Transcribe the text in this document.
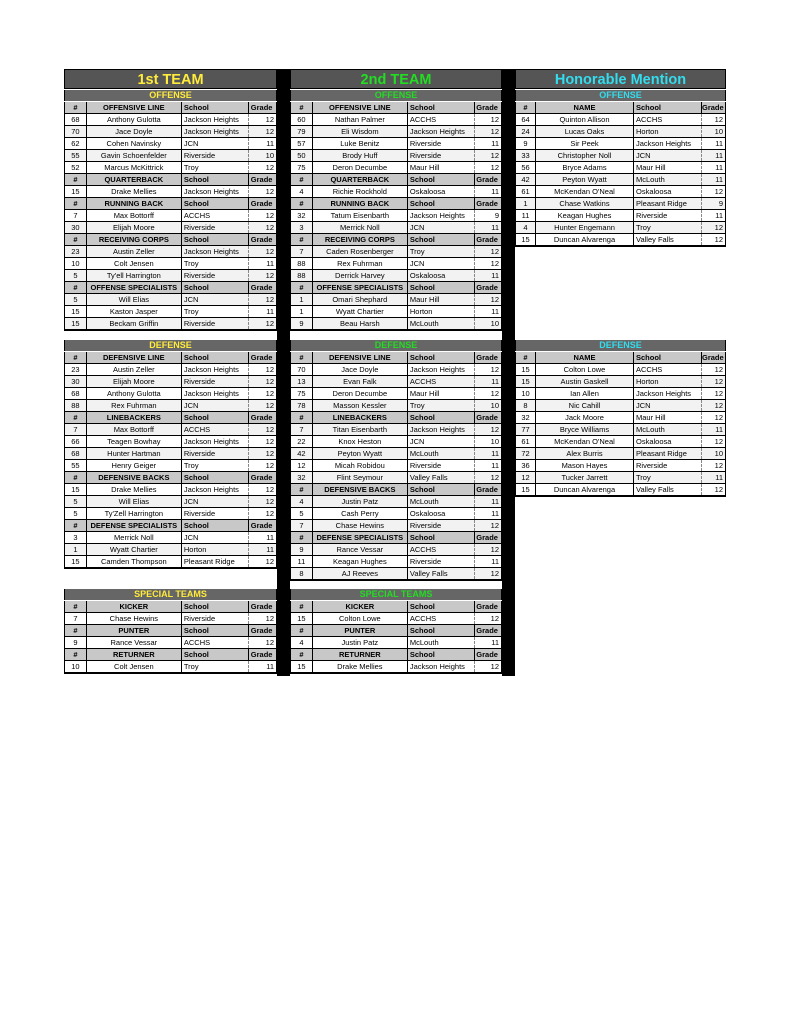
1st TEAM	2nd TEAM	Honorable Mention
OFFENSE	OFFENSE	OFFENSE
#	OFFENSIVE LINE	School	Grade
68	Anthony Gulotta	Jackson Heights	12
70	Jace Doyle	Jackson Heights	12
62	Cohen Navinsky	JCN	11
55	Gavin Schoenfelder	Riverside	10
52	Marcus McKittrick	Troy	12
#	QUARTERBACK	School	Grade
15	Drake Mellies	Jackson Heights	12
#	RUNNING BACK	School	Grade
7	Max Bottorff	ACCHS	12
30	Elijah Moore	Riverside	12
#	RECEIVING CORPS	School	Grade
23	Austin Zeller	Jackson Heights	12
10	Colt Jensen	Troy	11
5	Ty'ell Harrington	Riverside	12
#	OFFENSE SPECIALISTS School	Grade
5	Will Elias	JCN	12
15	Kaston Jasper	Troy	11
15	Beckam Griffin	Riverside	12
#	OFFENSIVE LINE	School	Grade
60	Nathan Palmer	ACCHS	12
79	Eli Wisdom	Jackson Heights	12
57	Luke Benitz	Riverside	11
50	Brody Huff	Riverside	12
75	Deron Decumbe	Maur Hill	12
#	QUARTERBACK	School	Grade
4	Richie Rockhold	Oskaloosa	11
#	RUNNING BACK	School	Grade
32	Tatum Eisenbarth	Jackson Heights	9
3	Merrick Noll	JCN	11
#	RECEIVING CORPS	School	Grade
7	Caden Rosenberger	Troy	12
88	Rex Fuhrman	JCN	12
88	Derrick Harvey	Oskaloosa	11
#	OFFENSE SPECIALISTS School	Grade
1	Omari Shephard	Maur Hill	12
1	Wyatt Chartier	Horton	11
9	Beau Harsh	McLouth	10
#	NAME	School	Grade
64	Quinton Allison	ACCHS	12
24	Lucas Oaks	Horton	10
9	Sir Peek	Jackson Heights	11
33	Christopher Noll	JCN	11
56	Bryce Adams	Maur Hill	11
42	Peyton Wyatt	McLouth	11
61	McKendan O'Neal	Oskaloosa	12
1	Chase Watkins	Pleasant Ridge	9
11	Keagan Hughes	Riverside	11
4	Hunter Engemann	Troy	12
15	Duncan Alvarenga	Valley Falls	12
DEFENSE	DEFENSE	DEFENSE
#	DEFENSIVE LINE	School	Grade
23	Austin Zeller	Jackson Heights	12
30	Elijah Moore	Riverside	12
68	Anthony Gulotta	Jackson Heights	12
88	Rex Fuhrman	JCN	12
#	LINEBACKERS	School	Grade
7	Max Bottorff	ACCHS	12
66	Teagen Bowhay	Jackson Heights	12
68	Hunter Hartman	Riverside	12
55	Henry Geiger	Troy	12
#	DEFENSIVE BACKS	School	Grade
15	Drake Mellies	Jackson Heights	12
5	Will Elias	JCN	12
5	Ty'Zell Harrington	Riverside	12
#	DEFENSE SPECIALISTS School	Grade
3	Merrick Noll	JCN	11
1	Wyatt Chartier	Horton	11
15	Camden Thompson	Pleasant Ridge	12
#	DEFENSIVE LINE	School	Grade
70	Jace Doyle	Jackson Heights	12
13	Evan Falk	ACCHS	11
75	Deron Decumbe	Maur Hill	12
78	Masson Kessler	Troy	10
#	LINEBACKERS	School	Grade
7	Titan Eisenbarth	Jackson Heights	12
22	Knox Heston	JCN	10
42	Peyton Wyatt	McLouth	11
12	Micah Robidou	Riverside	11
32	Flint Seymour	Valley Falls	12
#	DEFENSIVE BACKS	School	Grade
4	Justin Patz	McLouth	11
5	Cash Perry	Oskaloosa	11
7	Chase Hewins	Riverside	12
#	DEFENSE SPECIALISTS School	Grade
9	Rance Vessar	ACCHS	12
11	Keagan Hughes	Riverside	11
8	AJ Reeves	Valley Falls	12
#	NAME	School	Grade
15	Colton Lowe	ACCHS	12
15	Austin Gaskell	Horton	12
10	Ian Allen	Jackson Heights	12
8	Nic Cahill	JCN	12
32	Jack Moore	Maur Hill	12
77	Bryce Williams	McLouth	11
61	McKendan O'Neal	Oskaloosa	12
72	Alex Burris	Pleasant Ridge	10
36	Mason Hayes	Riverside	12
12	Tucker Jarrett	Troy	11
15	Duncan Alvarenga	Valley Falls	12
SPECIAL TEAMS	SPECIAL TEAMS
#	KICKER	School	Grade
7	Chase Hewins	Riverside	12
#	PUNTER	School	Grade
9	Rance Vessar	ACCHS	12
#	RETURNER	School	Grade
10	Colt Jensen	Troy	11
#	KICKER	School	Grade
15	Colton Lowe	ACCHS	12
#	PUNTER	School	Grade
4	Justin Patz	McLouth	11
#	RETURNER	School	Grade
15	Drake Mellies	Jackson Heights	12
